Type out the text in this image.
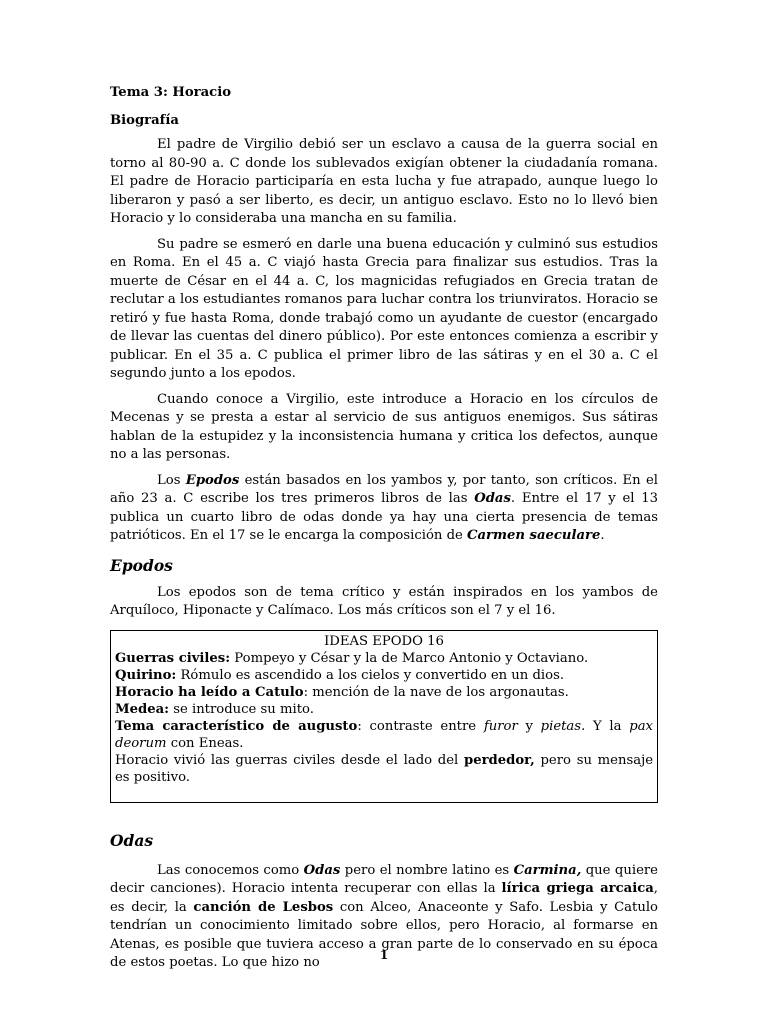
Tema 3: Horacio

Biografía

El padre de Virgilio debió ser un esclavo a causa de la guerra social en torno al 80-90 a. C donde los sublevados exigían obtener la ciudadanía romana. El padre de Horacio participaría en esta lucha y fue atrapado, aunque luego lo liberaron y pasó a ser liberto, es decir, un antiguo esclavo. Esto no lo llevó bien Horacio y lo consideraba una mancha en su familia.

Su padre se esmeró en darle una buena educación y culminó sus estudios en Roma. En el 45 a. C viajó hasta Grecia para finalizar sus estudios. Tras la muerte de César en el 44 a. C, los magnicidas refugiados en Grecia tratan de reclutar a los estudiantes romanos para luchar contra los triunviratos. Horacio se retiró y fue hasta Roma, donde trabajó como un ayudante de cuestor (encargado de llevar las cuentas del dinero público). Por este entonces comienza a escribir y publicar. En el 35 a. C publica el primer libro de las sátiras y en el 30 a. C el segundo junto a los epodos.

Cuando conoce a Virgilio, este introduce a Horacio en los círculos de Mecenas y se presta a estar al servicio de sus antiguos enemigos. Sus sátiras hablan de la estupidez y la inconsistencia humana y critica los defectos, aunque no a las personas.

Los Epodos están basados en los yambos y, por tanto, son críticos. En el año 23 a. C escribe los tres primeros libros de las Odas. Entre el 17 y el 13 publica un cuarto libro de odas donde ya hay una cierta presencia de temas patrióticos. En el 17 se le encarga la composición de Carmen saeculare.

Epodos

Los epodos son de tema crítico y están inspirados en los yambos de Arquíloco, Hiponacte y Calímaco. Los más críticos son el 7 y el 16.

IDEAS EPODO 16

Guerras civiles: Pompeyo y César y la de Marco Antonio y Octaviano.

Quirino: Rómulo es ascendido a los cielos y convertido en un dios.

Horacio ha leído a Catulo: mención de la nave de los argonautas.

Medea: se introduce su mito.

Tema característico de augusto: contraste entre furor y pietas. Y la pax deorum con Eneas.

Horacio vivió las guerras civiles desde el lado del perdedor, pero su mensaje es positivo.

Odas

Las conocemos como Odas pero el nombre latino es Carmina, que quiere decir canciones). Horacio intenta recuperar con ellas la lírica griega arcaica, es decir, la canción de Lesbos con Alceo, Anaceonte y Safo. Lesbia y Catulo tendrían un conocimiento limitado sobre ellos, pero Horacio, al formarse en Atenas, es posible que tuviera acceso a gran parte de lo conservado en su época de estos poetas. Lo que hizo no	1
